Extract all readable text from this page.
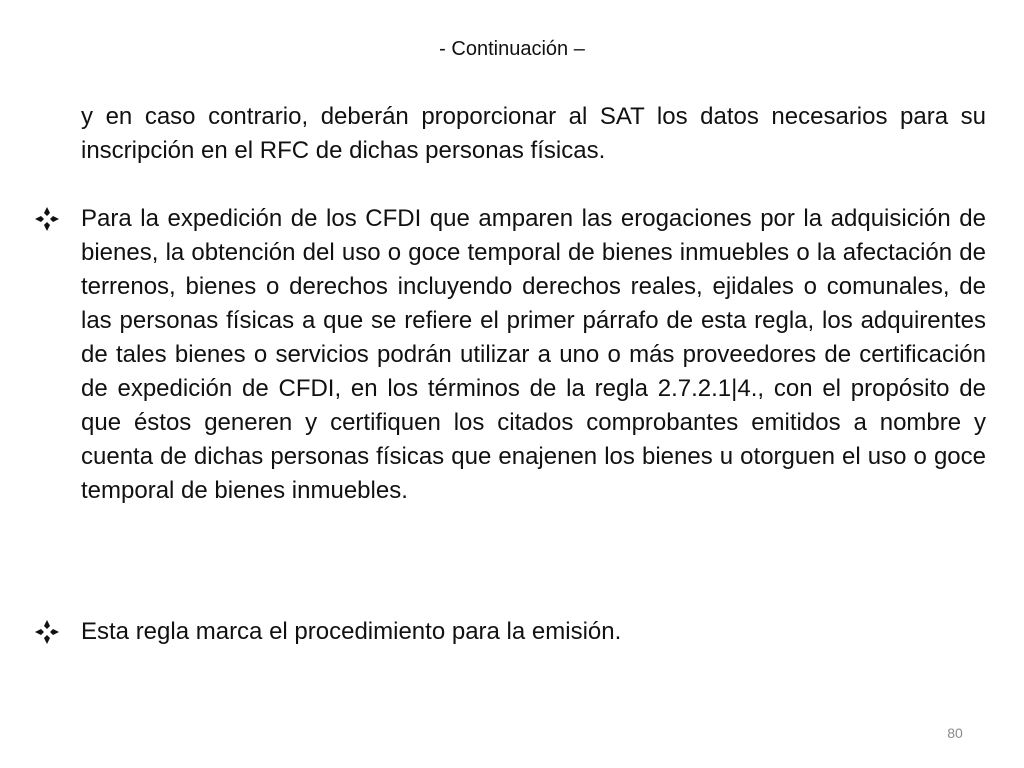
- Continuación –

y en caso contrario, deberán proporcionar al SAT los datos necesarios para su inscripción en el RFC de dichas personas físicas.

Para la expedición de los CFDI que amparen las erogaciones por la adquisición de bienes, la obtención del uso o goce temporal de bienes inmuebles o la afectación de terrenos, bienes o derechos incluyendo derechos reales, ejidales o comunales, de las personas físicas a que se refiere el primer párrafo de esta regla, los adquirentes de tales bienes o servicios podrán utilizar a uno o más proveedores de certificación de expedición de CFDI, en los términos de la regla 2.7.2.1|4., con el propósito de que éstos generen y certifiquen los citados comprobantes emitidos a nombre y cuenta de dichas personas físicas que enajenen los bienes u otorguen el uso o goce temporal de bienes inmuebles.

Esta regla marca el procedimiento para la emisión.

80
